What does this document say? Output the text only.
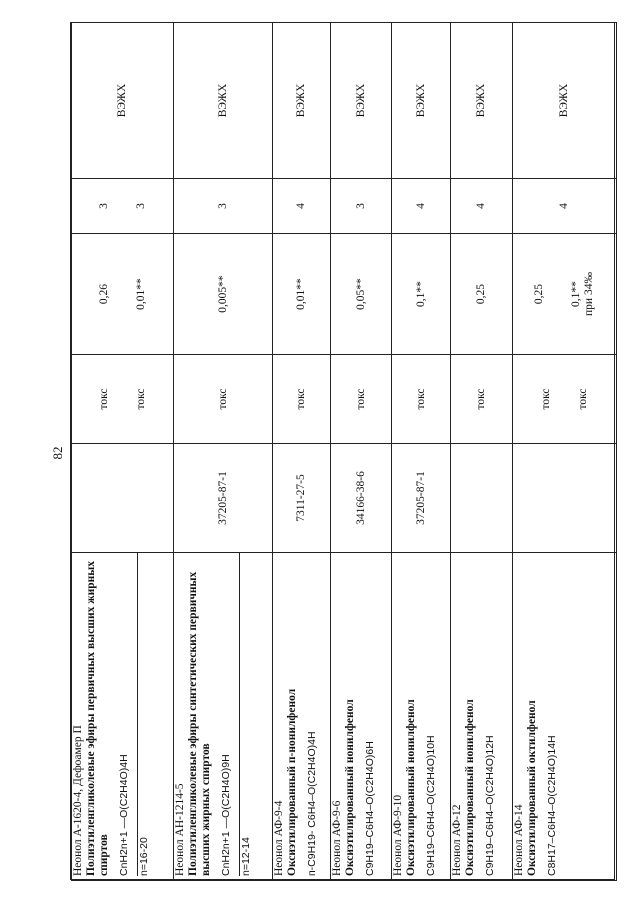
82
Неонол А-1620-4, Дефоамер П Полиэтиленгликолевые эфиры первичных высших жирных спиртов CnH2n+1 —O(C2H4O)4H n=16-20		токс токс	0,26 0,01**	3 3	ВЭЖХ

Неонол АН-1214-5 Полиэтиленгликолевые эфиры синтетических первичных высших жирных спиртов CnH2n+1 —O(C2H4O)9H n=12-14	37205-87-1	токс	0,005**	3	ВЭЖХ

Неонол АФ-9-4 Оксиэтилированный п-нонилфенол п-C9H19- C6H4–O(C2H4O)4H	7311-27-5	токс	0,01**	4	ВЭЖХ

Неонол АФ-9-6 Оксиэтилированный нонилфенол C9H19–C6H4–O(C2H4O)6H	34166-38-6	токс	0,05**	3	ВЭЖХ

Неонол АФ-9-10 Оксиэтилированный нонилфенол C9H19–C6H4–O(C2H4O)10H	37205-87-1	токс	0,1**	4	ВЭЖХ

Неонол АФ-12 Оксиэтилированный нонилфенол C9H19–C6H4–O(C2H4O)12H		токс	0,25	4	ВЭЖХ

Неонол АФ-14 Оксиэтилированный октилфенол C8H17–C6H4–O(C2H4O)14H		токс токс	0,25 0,1** при 34‰	4	ВЭЖХ
